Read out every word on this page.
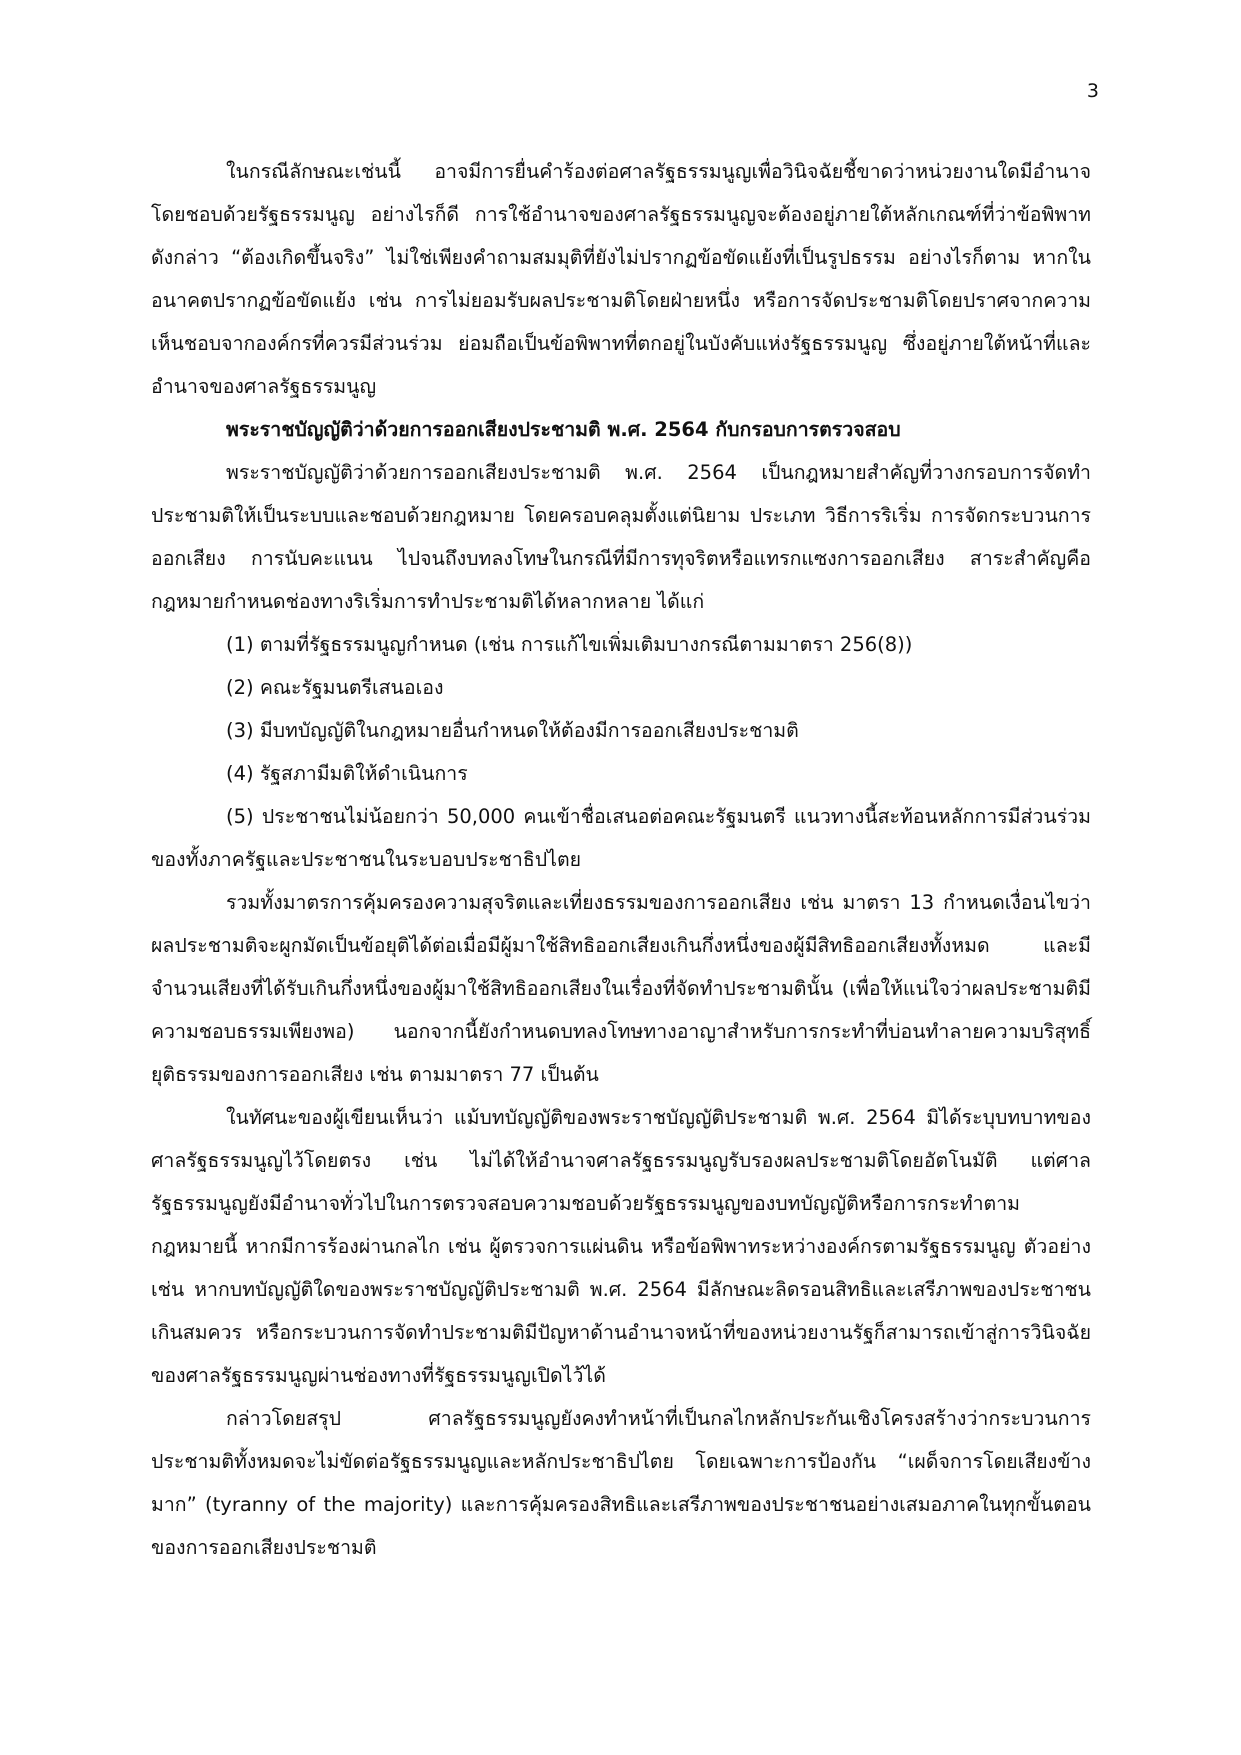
3

ในกรณีลักษณะเช่นนี้ อาจมีการยื่นคำร้องต่อศาลรัฐธรรมนูญเพื่อวินิจฉัยชี้ขาดว่าหน่วยงานใดมีอำนาจโดยชอบด้วยรัฐธรรมนูญ อย่างไรก็ดี การใช้อำนาจของศาลรัฐธรรมนูญจะต้องอยู่ภายใต้หลักเกณฑ์ที่ว่าข้อพิพาทดังกล่าว “ต้องเกิดขึ้นจริง” ไม่ใช่เพียงคำถามสมมุติที่ยังไม่ปรากฏข้อขัดแย้งที่เป็นรูปธรรม อย่างไรก็ตาม หากในอนาคตปรากฏข้อขัดแย้ง เช่น การไม่ยอมรับผลประชามติโดยฝ่ายหนึ่ง หรือการจัดประชามติโดยปราศจากความเห็นชอบจากองค์กรที่ควรมีส่วนร่วม ย่อมถือเป็นข้อพิพาทที่ตกอยู่ในบังคับแห่งรัฐธรรมนูญ ซึ่งอยู่ภายใต้หน้าที่และอำนาจของศาลรัฐธรรมนูญ

พระราชบัญญัติว่าด้วยการออกเสียงประชามติ พ.ศ. 2564 กับกรอบการตรวจสอบ

พระราชบัญญัติว่าด้วยการออกเสียงประชามติ พ.ศ. 2564 เป็นกฎหมายสำคัญที่วางกรอบการจัดทำประชามติให้เป็นระบบและชอบด้วยกฎหมาย โดยครอบคลุมตั้งแต่นิยาม ประเภท วิธีการริเริ่ม การจัดกระบวนการออกเสียง การนับคะแนน ไปจนถึงบทลงโทษในกรณีที่มีการทุจริตหรือแทรกแซงการออกเสียง สาระสำคัญคือ กฎหมายกำหนดช่องทางริเริ่มการทำประชามติได้หลากหลาย ได้แก่

(1) ตามที่รัฐธรรมนูญกำหนด (เช่น การแก้ไขเพิ่มเติมบางกรณีตามมาตรา 256(8))

(2) คณะรัฐมนตรีเสนอเอง

(3) มีบทบัญญัติในกฎหมายอื่นกำหนดให้ต้องมีการออกเสียงประชามติ

(4) รัฐสภามีมติให้ดำเนินการ

(5) ประชาชนไม่น้อยกว่า 50,000 คนเข้าชื่อเสนอต่อคณะรัฐมนตรี แนวทางนี้สะท้อนหลักการมีส่วนร่วมของทั้งภาครัฐและประชาชนในระบอบประชาธิปไตย

รวมทั้งมาตรการคุ้มครองความสุจริตและเที่ยงธรรมของการออกเสียง เช่น มาตรา 13 กำหนดเงื่อนไขว่าผลประชามติจะผูกมัดเป็นข้อยุติได้ต่อเมื่อมีผู้มาใช้สิทธิออกเสียงเกินกึ่งหนึ่งของผู้มีสิทธิออกเสียงทั้งหมด และมีจำนวนเสียงที่ได้รับเกินกึ่งหนึ่งของผู้มาใช้สิทธิออกเสียงในเรื่องที่จัดทำประชามตินั้น (เพื่อให้แน่ใจว่าผลประชามติมีความชอบธรรมเพียงพอ) นอกจากนี้ยังกำหนดบทลงโทษทางอาญาสำหรับการกระทำที่บ่อนทำลายความบริสุทธิ์ยุติธรรมของการออกเสียง เช่น ตามมาตรา 77 เป็นต้น

ในทัศนะของผู้เขียนเห็นว่า แม้บทบัญญัติของพระราชบัญญัติประชามติ พ.ศ. 2564 มิได้ระบุบทบาทของศาลรัฐธรรมนูญไว้โดยตรง เช่น ไม่ได้ให้อำนาจศาลรัฐธรรมนูญรับรองผลประชามติโดยอัตโนมัติ แต่ศาลรัฐธรรมนูญยังมีอำนาจทั่วไปในการตรวจสอบความชอบด้วยรัฐธรรมนูญของบทบัญญัติหรือการกระทำตามกฎหมายนี้ หากมีการร้องผ่านกลไก เช่น ผู้ตรวจการแผ่นดิน หรือข้อพิพาทระหว่างองค์กรตามรัฐธรรมนูญ ตัวอย่างเช่น หากบทบัญญัติใดของพระราชบัญญัติประชามติ พ.ศ. 2564 มีลักษณะลิดรอนสิทธิและเสรีภาพของประชาชนเกินสมควร หรือกระบวนการจัดทำประชามติมีปัญหาด้านอำนาจหน้าที่ของหน่วยงานรัฐก็สามารถเข้าสู่การวินิจฉัยของศาลรัฐธรรมนูญผ่านช่องทางที่รัฐธรรมนูญเปิดไว้ได้

กล่าวโดยสรุป ศาลรัฐธรรมนูญยังคงทำหน้าที่เป็นกลไกหลักประกันเชิงโครงสร้างว่ากระบวนการประชามติทั้งหมดจะไม่ขัดต่อรัฐธรรมนูญและหลักประชาธิปไตย โดยเฉพาะการป้องกัน “เผด็จการโดยเสียงข้างมาก” (tyranny of the majority) และการคุ้มครองสิทธิและเสรีภาพของประชาชนอย่างเสมอภาคในทุกขั้นตอนของการออกเสียงประชามติ
